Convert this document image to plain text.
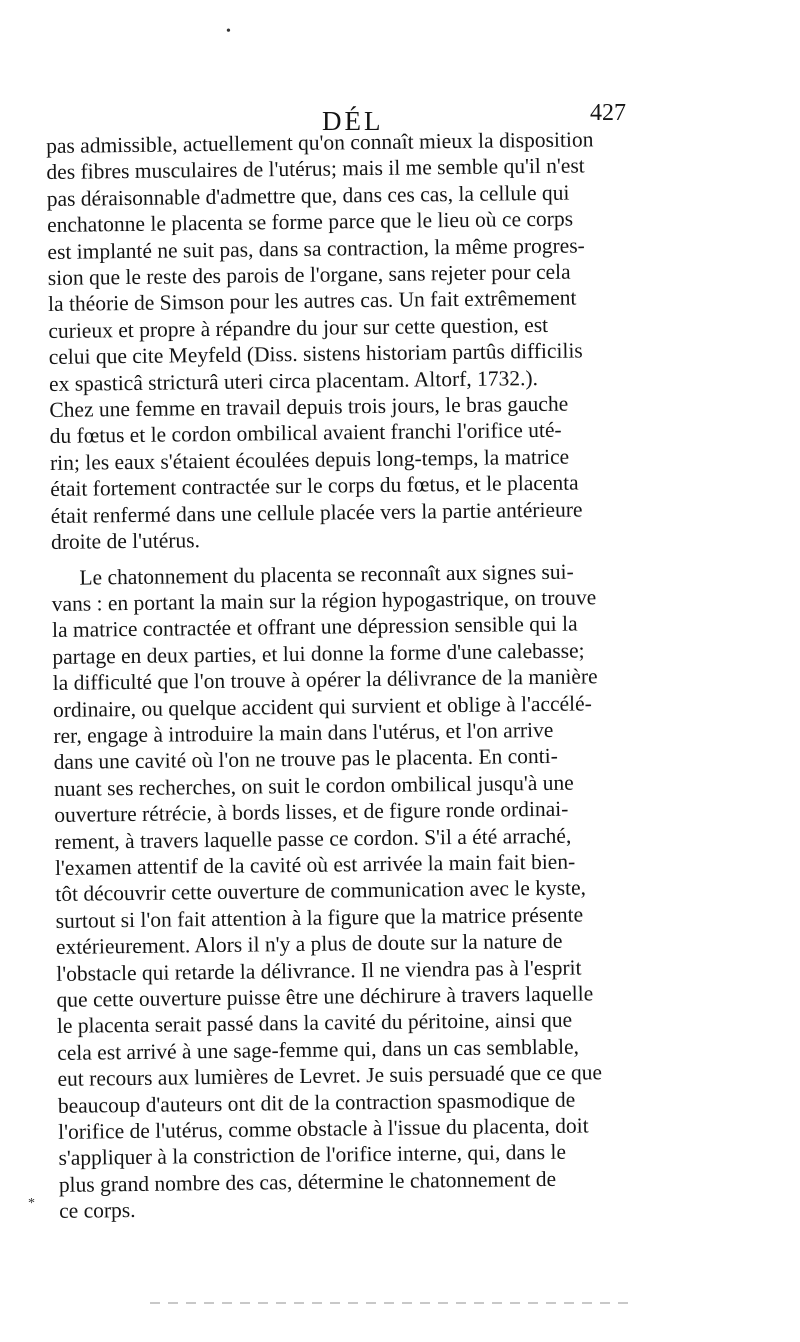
•
DÉL	427
pas admissible, actuellement qu'on connaît mieux la disposition
des fibres musculaires de l'utérus; mais il me semble qu'il n'est
pas déraisonnable d'admettre que, dans ces cas, la cellule qui
enchatonne le placenta se forme parce que le lieu où ce corps
est implanté ne suit pas, dans sa contraction, la même progres-
sion que le reste des parois de l'organe, sans rejeter pour cela
la théorie de Simson pour les autres cas. Un fait extrêmement
curieux et propre à répandre du jour sur cette question, est
celui que cite Meyfeld (Diss. sistens historiam partûs difficilis
ex spasticâ stricturâ uteri circa placentam. Altorf, 1732.).
Chez une femme en travail depuis trois jours, le bras gauche
du fœtus et le cordon ombilical avaient franchi l'orifice uté-
rin; les eaux s'étaient écoulées depuis long-temps, la matrice
était fortement contractée sur le corps du fœtus, et le placenta
était renfermé dans une cellule placée vers la partie antérieure
droite de l'utérus.
Le chatonnement du placenta se reconnaît aux signes sui-
vans : en portant la main sur la région hypogastrique, on trouve
la matrice contractée et offrant une dépression sensible qui la
partage en deux parties, et lui donne la forme d'une calebasse;
la difficulté que l'on trouve à opérer la délivrance de la manière
ordinaire, ou quelque accident qui survient et oblige à l'accélé-
rer, engage à introduire la main dans l'utérus, et l'on arrive
dans une cavité où l'on ne trouve pas le placenta. En conti-
nuant ses recherches, on suit le cordon ombilical jusqu'à une
ouverture rétrécie, à bords lisses, et de figure ronde ordinai-
rement, à travers laquelle passe ce cordon. S'il a été arraché,
l'examen attentif de la cavité où est arrivée la main fait bien-
tôt découvrir cette ouverture de communication avec le kyste,
surtout si l'on fait attention à la figure que la matrice présente
extérieurement. Alors il n'y a plus de doute sur la nature de
l'obstacle qui retarde la délivrance. Il ne viendra pas à l'esprit
que cette ouverture puisse être une déchirure à travers laquelle
le placenta serait passé dans la cavité du péritoine, ainsi que
cela est arrivé à une sage-femme qui, dans un cas semblable,
eut recours aux lumières de Levret. Je suis persuadé que ce que
beaucoup d'auteurs ont dit de la contraction spasmodique de
l'orifice de l'utérus, comme obstacle à l'issue du placenta, doit
s'appliquer à la constriction de l'orifice interne, qui, dans le
plus grand nombre des cas, détermine le chatonnement de
ce corps.
*
